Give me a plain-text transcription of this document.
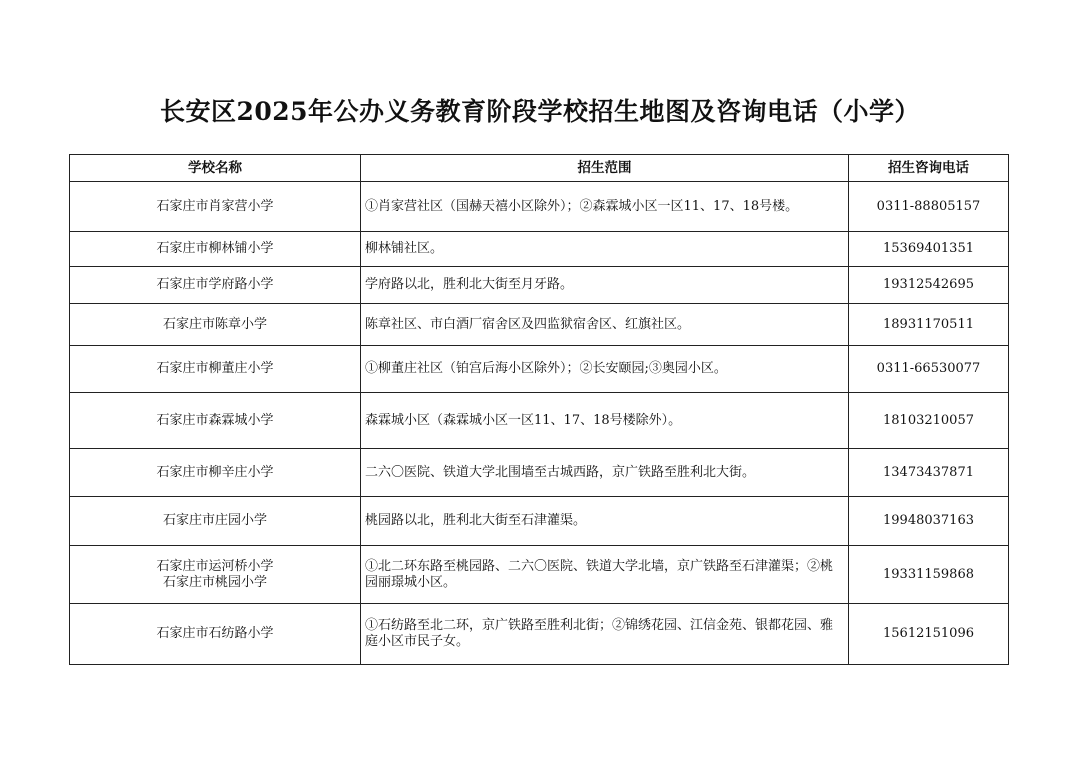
长安区2025年公办义务教育阶段学校招生地图及咨询电话（小学）
学校名称	招生范围	招生咨询电话

石家庄市肖家营小学	①肖家营社区（国赫天禧小区除外）；②森霖城小区一区11、17、18号楼。	0311-88805157

石家庄市柳林铺小学	柳林铺社区。	15369401351

石家庄市学府路小学	学府路以北，胜利北大街至月牙路。	19312542695

石家庄市陈章小学	陈章社区、市白酒厂宿舍区及四监狱宿舍区、红旗社区。	18931170511

石家庄市柳董庄小学	①柳董庄社区（铂宫后海小区除外）；②长安颐园;③奥园小区。	0311-66530077

石家庄市森霖城小学	森霖城小区（森霖城小区一区11、17、18号楼除外）。	18103210057

石家庄市柳辛庄小学	二六〇医院、铁道大学北围墙至古城西路，京广铁路至胜利北大街。	13473437871

石家庄市庄园小学	桃园路以北，胜利北大街至石津灌渠。	19948037163

石家庄市运河桥小学
石家庄市桃园小学	①北二环东路至桃园路、二六〇医院、铁道大学北墙，京广铁路至石津灌渠；②桃园丽璟城小区。	19331159868

石家庄市石纺路小学	①石纺路至北二环，京广铁路至胜利北街；②锦绣花园、江信金苑、银都花园、雅庭小区市民子女。	15612151096
